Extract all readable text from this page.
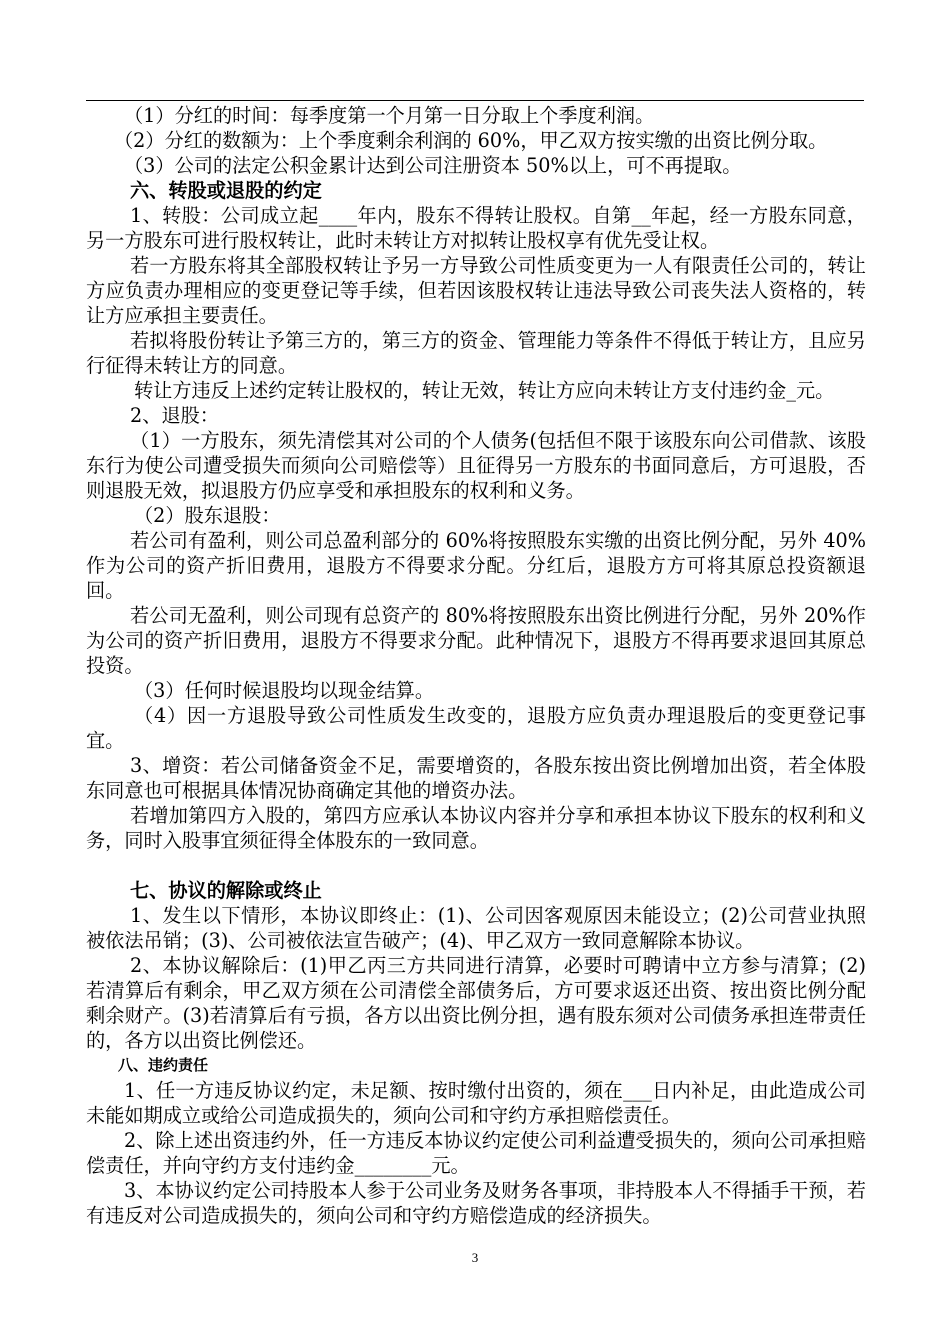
（1）分红的时间：每季度第一个月第一日分取上个季度利润。

（2）分红的数额为：上个季度剩余利润的 60%，甲乙双方按实缴的出资比例分取。

（3）公司的法定公积金累计达到公司注册资本 50%以上，可不再提取。

六、转股或退股的约定

1、转股：公司成立起____年内，股东不得转让股权。自第__年起，经一方股东同意，另一方股东可进行股权转让，此时未转让方对拟转让股权享有优先受让权。

若一方股东将其全部股权转让予另一方导致公司性质变更为一人有限责任公司的，转让方应负责办理相应的变更登记等手续，但若因该股权转让违法导致公司丧失法人资格的，转让方应承担主要责任。

若拟将股份转让予第三方的，第三方的资金、管理能力等条件不得低于转让方，且应另行征得未转让方的同意。

转让方违反上述约定转让股权的，转让无效，转让方应向未转让方支付违约金_元。

2、退股：

（1）一方股东，须先清偿其对公司的个人债务(包括但不限于该股东向公司借款、该股东行为使公司遭受损失而须向公司赔偿等）且征得另一方股东的书面同意后，方可退股，否则退股无效，拟退股方仍应享受和承担股东的权利和义务。

（2）股东退股：

若公司有盈利，则公司总盈利部分的 60%将按照股东实缴的出资比例分配，另外 40%作为公司的资产折旧费用，退股方不得要求分配。分红后，退股方方可将其原总投资额退回。

若公司无盈利，则公司现有总资产的 80%将按照股东出资比例进行分配，另外 20%作为公司的资产折旧费用，退股方不得要求分配。此种情况下，退股方不得再要求退回其原总投资。

（3）任何时候退股均以现金结算。

（4）因一方退股导致公司性质发生改变的，退股方应负责办理退股后的变更登记事宜。

3、增资：若公司储备资金不足，需要增资的，各股东按出资比例增加出资，若全体股东同意也可根据具体情况协商确定其他的增资办法。

若增加第四方入股的，第四方应承认本协议内容并分享和承担本协议下股东的权利和义务，同时入股事宜须征得全体股东的一致同意。

七、协议的解除或终止

1、发生以下情形，本协议即终止：(1)、公司因客观原因未能设立；(2)公司营业执照被依法吊销；(3)、公司被依法宣告破产；(4)、甲乙双方一致同意解除本协议。

2、本协议解除后：(1)甲乙丙三方共同进行清算，必要时可聘请中立方参与清算；(2)若清算后有剩余，甲乙双方须在公司清偿全部债务后，方可要求返还出资、按出资比例分配剩余财产。(3)若清算后有亏损，各方以出资比例分担，遇有股东须对公司债务承担连带责任的，各方以出资比例偿还。

八、违约责任

1、任一方违反协议约定，未足额、按时缴付出资的，须在___日内补足，由此造成公司未能如期成立或给公司造成损失的，须向公司和守约方承担赔偿责任。

2、除上述出资违约外，任一方违反本协议约定使公司利益遭受损失的，须向公司承担赔偿责任，并向守约方支付违约金________元。

3、本协议约定公司持股本人参于公司业务及财务各事项，非持股本人不得插手干预，若有违反对公司造成损失的，须向公司和守约方赔偿造成的经济损失。

3
